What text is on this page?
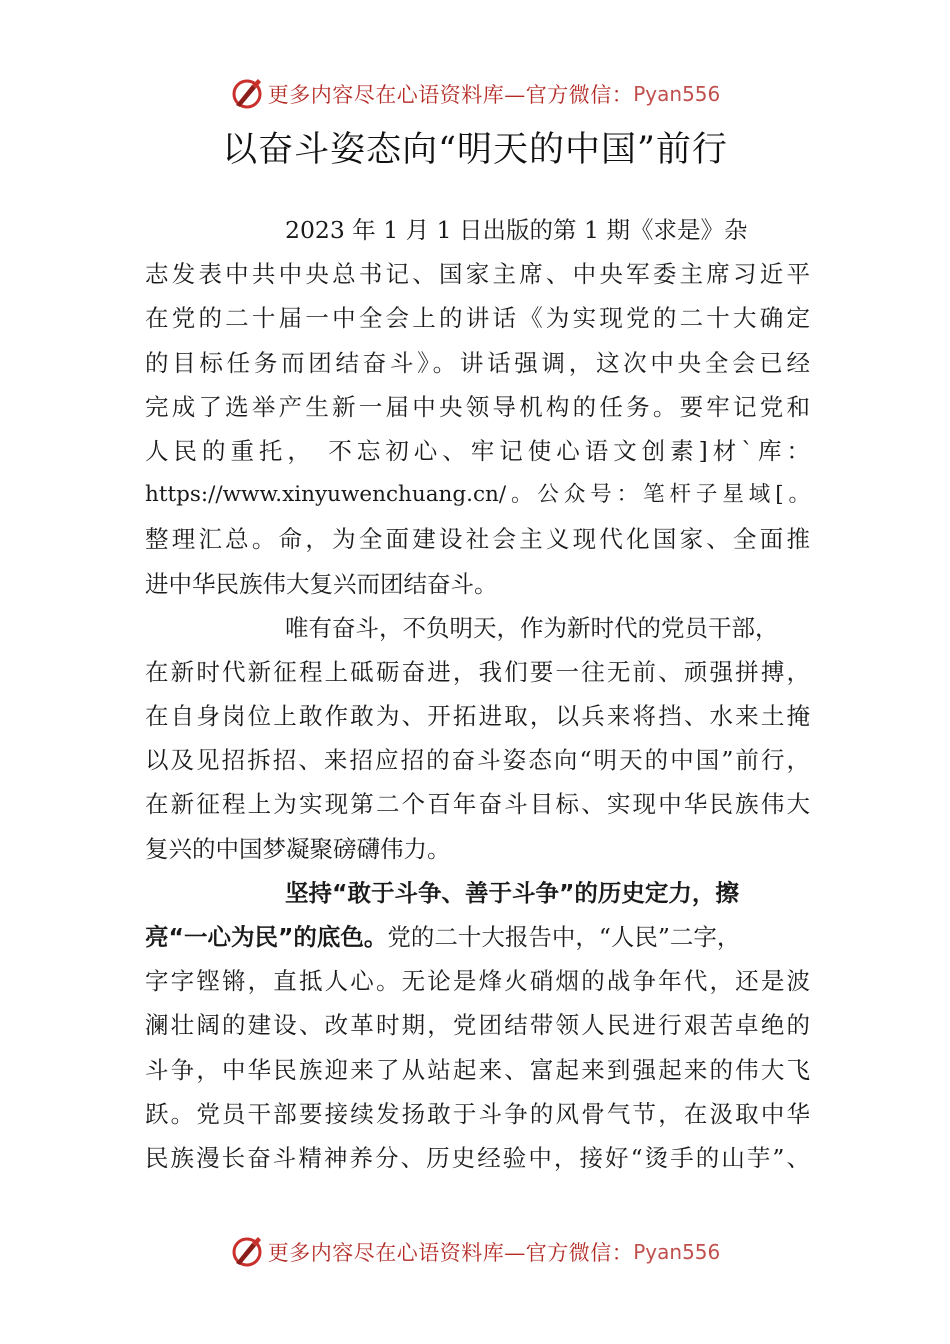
更多内容尽在心语资料库—官方微信： Pyan556
以奋斗姿态向“明天的中国”前行

2023 年 1 月 1 日出版的第 1 期《求是》杂
志发表中共中央总书记、国家主席、中央军委主席习近平
在党的二十届一中全会上的讲话《为实现党的二十大确定
的目标任务而团结奋斗》。讲话强调，这次中央全会已经
完成了选举产生新一届中央领导机构的任务。要牢记党和
人民的重托， 不忘初心、牢记使心语文创素]材`库：
https://www.xinyuwenchuang.cn/。公众号：笔杆子星域[。
整理汇总。命，为全面建设社会主义现代化国家、全面推
进中华民族伟大复兴而团结奋斗。

唯有奋斗，不负明天，作为新时代的党员干部，
在新时代新征程上砥砺奋进，我们要一往无前、顽强拼搏，
在自身岗位上敢作敢为、开拓进取，以兵来将挡、水来土掩
以及见招拆招、来招应招的奋斗姿态向“明天的中国”前行，
在新征程上为实现第二个百年奋斗目标、实现中华民族伟大
复兴的中国梦凝聚磅礴伟力。

坚持“敢于斗争、善于斗争”的历史定力，擦
亮“一心为民”的底色。党的二十大报告中，“人民”二字，
字字铿锵，直抵人心。无论是烽火硝烟的战争年代，还是波
澜壮阔的建设、改革时期，党团结带领人民进行艰苦卓绝的
斗争，中华民族迎来了从站起来、富起来到强起来的伟大飞
跃。党员干部要接续发扬敢于斗争的风骨气节，在汲取中华
民族漫长奋斗精神养分、历史经验中，接好“烫手的山芋”、

更多内容尽在心语资料库—官方微信： Pyan556
